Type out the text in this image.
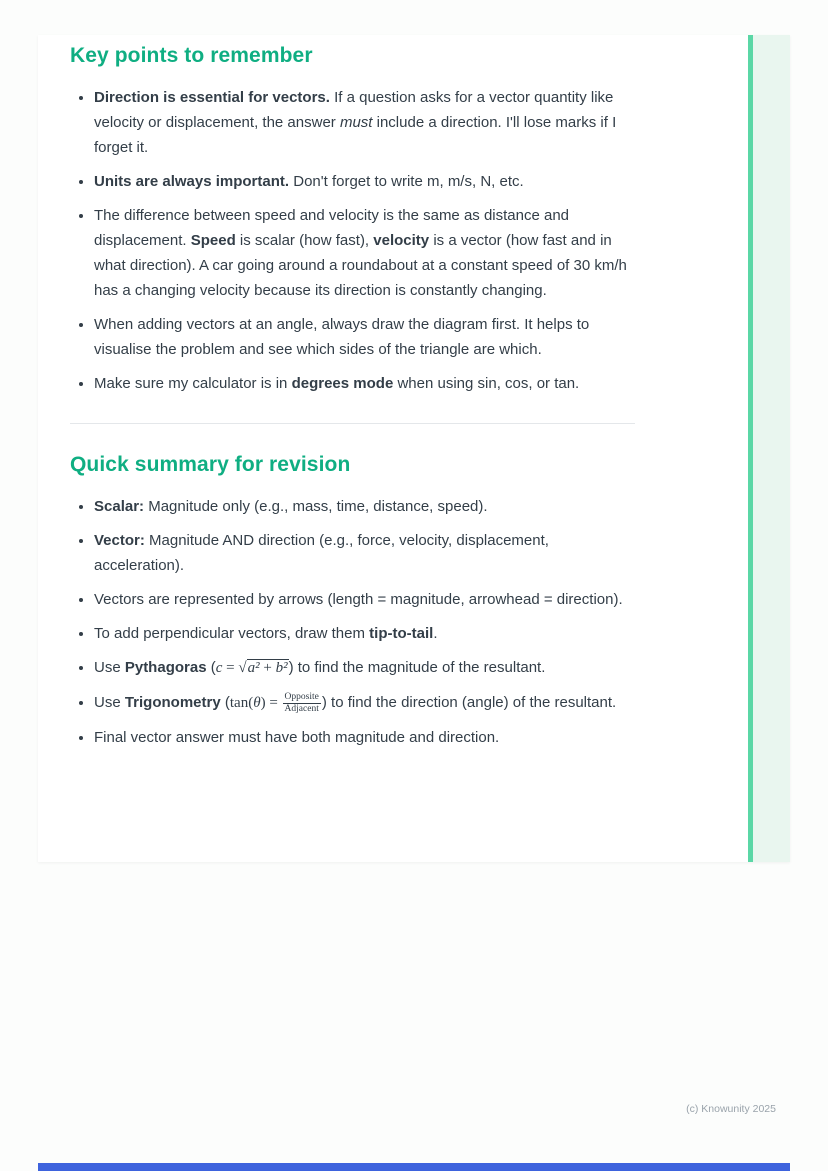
Key points to remember
• Direction is essential for vectors. If a question asks for a vector quantity like velocity or displacement, the answer must include a direction. I'll lose marks if I forget it.
• Units are always important. Don't forget to write m, m/s, N, etc.
• The difference between speed and velocity is the same as distance and displacement. Speed is scalar (how fast), velocity is a vector (how fast and in what direction). A car going around a roundabout at a constant speed of 30 km/h has a changing velocity because its direction is constantly changing.
• When adding vectors at an angle, always draw the diagram first. It helps to visualise the problem and see which sides of the triangle are which.
• Make sure my calculator is in degrees mode when using sin, cos, or tan.
Quick summary for revision
• Scalar: Magnitude only (e.g., mass, time, distance, speed).
• Vector: Magnitude AND direction (e.g., force, velocity, displacement, acceleration).
• Vectors are represented by arrows (length = magnitude, arrowhead = direction).
• To add perpendicular vectors, draw them tip-to-tail.
• Use Pythagoras (c = √a² + b²) to find the magnitude of the resultant.
• Use Trigonometry ($\tan(\theta) = \frac{\text{Opposite}}{\text{Adjacent}}$ ) to find the direction (angle) of the resultant.
• Final vector answer must have both magnitude and direction.
(c) Knowunity 2025
